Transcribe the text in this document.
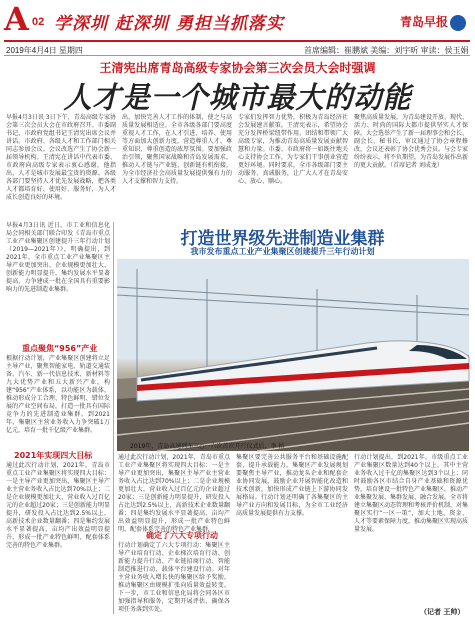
A 02 学深圳 赶深圳 勇担当抓落实	青岛早报
2019年4月4日 星期四	首席编辑：崔鹏斌 美编：刘宇昕 审读：侯玉娟
王清宪出席青岛高级专家协会第三次会员大会时强调
人才是一个城市最大的动能
早报4月3日讯 3日下午，青岛高级专家协会第三次会员大会在市政府召开。市委副书记、市政府党组书记王清宪出席会议并讲话。市政府、各级人才和工作部门相关同志参加会议。会议改选产生了协会新一届领导机构。王清宪在讲话中代表市委、市政府向高级专家表示衷心感谢，他指出，人才是城市发展最宝贵的资源。各级各部门要坚持人才优先发展战略，把各类人才都培育好、使用好、服务好，为人才成长创造良好的环境。
出，加快完善人才工作的体制，使之与高质量发展相适应。全市各级各部门要高度重视人才工作，在人才引进、培养、使用等方面加大创新力度，营造尊重人才、尊重知识、尊重创造的浓厚氛围。要加强政治引领，聚焦国家战略和青岛发展需求，推动人才链与产业链、创新链有机衔接，为全市经济社会高质量发展提供强有力的人才支撑和智力支持。
专家们发挥智力优势，积极为青岛经济社会发展建言献策。王清宪表示，希望协会充分发挥桥梁纽带作用，团结和带领广大高级专家，为推动青岛高质量发展贡献智慧和力量。市委、市政府将一如既往地关心支持协会工作，为专家们干事创业营造更好环境。同时要求，全市各级部门要主动服务、真诚服务，让广大人才在青岛安心、放心、顺心。
聚焦高质量发展，为青岛建设开放、现代、活力、时尚的国际大都市提供坚实人才保障。大会选举产生了新一届理事会和会长、副会长、秘书长，审议通过了协会章程修改，会议还表彰了协会优秀会员。与会专家纷纷表示，将不负期望，为青岛发展作出新的更大贡献。（首席记者 刘成龙）
打造世界级先进制造业集群
我市发布重点工业产业集聚区创建提升三年行动计划
早报4月3日讯 近日，市工业和信息化局会同相关部门联合印发《青岛市重点工业产业集聚区创建提升三年行动计划（2019—2021年）》，明确提出，到2021年，全市重点工业产业集聚区主导产业更加突出、企业规模更加壮大、创新能力明显提升，集约发展水平显著提高，力争建成一批在全国具有重要影响力的先进制造业集群。
重点聚焦“956”产业
根据行动计划，产业集聚区创建将立足主导产业，聚焦智能家电、轨道交通装备、汽车、新一代信息技术、新材料等九大优势产业和五大新兴产业，构建“956”产业体系，以功能区为载体，推动形成分工合理、特色鲜明、错位发展的产业空间布局，打造一批具有国际竞争力的先进制造业集群。到2021年，集聚区主营业务收入力争突破1万亿元，培育一批千亿级产业集群。
2021年实现四大目标
通过此次行动计划，2021年，青岛市重点工业产业集聚区将实现四大目标：一是主导产业更加突出，集聚区主导产业主营业务收入占比达到70%以上；二是企业规模更加壮大，营业收入过百亿元的企业超过20家；三是创新能力明显提升，研发投入占比达到2.5%以上，高新技术企业数量翻番；四是集约发展水平显著提高，亩均产出效益明显提升，形成一批产业特色鲜明、配套体系完善的特色产业集群。
2019年，青岛高速列车三○一六次首次开行仪式后，李 拍
确定了六大专项行动
通过此次行动计划，2021年，青岛市重点工业产业集聚区将实现四大目标：一是主导产业更加突出，集聚区主导产业主营业务收入占比达到70%以上；二是企业规模更加壮大，营业收入过百亿元的企业超过20家；三是创新能力明显提升，研发投入占比达到2.5%以上，高新技术企业数量翻番；四是集约发展水平显著提高，亩均产出效益明显提升，形成一批产业特色鲜明、配套体系完善的特色产业集群。
行动计划确定了六大专项行动：集聚区主导产业培育行动、企业梯次培育行动、创新能力提升行动、产业链招商行动、智能制造推进行动、载体平台建设行动。对年主营业务收入增长快的集聚区给予奖励，推动集聚区由规模扩张向质量效益转变。下一步，市工业和信息化局将会同各区市加强指导和服务，定期开展评估，确保各项任务落到实处。
集聚区要完善公共服务平台和基础设施配套，提升承载能力。集聚区产业发展规划要聚焦主导产业，推动龙头企业和配套企业协同发展，鼓励企业开展智能化改造和技术创新，加快形成产业链上下游协同发展格局。行动计划还明确了各集聚区的主导产业方向和发展目标，为全市工业经济高质量发展提供有力支撑。
行动计划提出，到2021年，市级重点工业产业集聚区数量达到40个以上，其中主营业务收入过千亿的集聚区达到3个以上；同时鼓励各区市结合自身产业基础和资源优势，培育建设一批特色产业集聚区，推动产业集聚发展、集群发展、融合发展。全市将建立集聚区动态管理和考核评价机制，对集聚区实行“一区一策”，加大土地、资金、人才等要素保障力度，推动集聚区实现高质量发展。
（记者 王帅）
